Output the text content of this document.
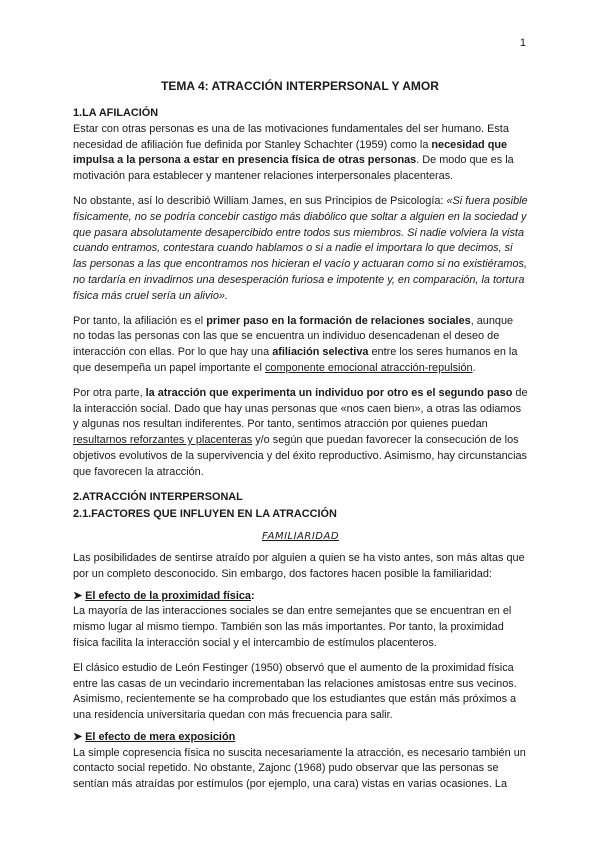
1
TEMA 4: ATRACCIÓN INTERPERSONAL Y AMOR

1.LA AFILACIÓN

Estar con otras personas es una de las motivaciones fundamentales del ser humano. Esta necesidad de afiliación fue definida por Stanley Schachter (1959) como la necesidad que impulsa a la persona a estar en presencia física de otras personas. De modo que es la motivación para establecer y mantener relaciones interpersonales placenteras.

No obstante, así lo describió William James, en sus Principios de Psicología: «Si fuera posible físicamente, no se podría concebir castigo más diabólico que soltar a alguien en la sociedad y que pasara absolutamente desapercibido entre todos sus miembros. Si nadie volviera la vista cuando entramos, contestara cuando hablamos o si a nadie el importara lo que decimos, si las personas a las que encontramos nos hicieran el vacío y actuaran como si no existiéramos, no tardaría en invadirnos una desesperación furiosa e impotente y, en comparación, la tortura física más cruel sería un alivio».

Por tanto, la afiliación es el primer paso en la formación de relaciones sociales, aunque no todas las personas con las que se encuentra un individuo desencadenan el deseo de interacción con ellas. Por lo que hay una afiliación selectiva entre los seres humanos en la que desempeña un papel importante el componente emocional atracción-repulsión.

Por otra parte, la atracción que experimenta un individuo por otro es el segundo paso de la interacción social. Dado que hay unas personas que «nos caen bien», a otras las odiamos y algunas nos resultan indiferentes. Por tanto, sentimos atracción por quienes puedan resultarnos reforzantes y placenteras y/o según que puedan favorecer la consecución de los objetivos evolutivos de la supervivencia y del éxito reproductivo. Asimismo, hay circunstancias que favorecen la atracción.

2.ATRACCIÓN INTERPERSONAL

2.1.FACTORES QUE INFLUYEN EN LA ATRACCIÓN

FAMILIARIDAD

Las posibilidades de sentirse atraído por alguien a quien se ha visto antes, son más altas que por un completo desconocido. Sin embargo, dos factores hacen posible la familiaridad:

➤ El efecto de la proximidad física:

La mayoría de las interacciones sociales se dan entre semejantes que se encuentran en el mismo lugar al mismo tiempo. También son las más importantes. Por tanto, la proximidad física facilita la interacción social y el intercambio de estímulos placenteros.

El clásico estudio de León Festinger (1950) observó que el aumento de la proximidad física entre las casas de un vecindario incrementaban las relaciones amistosas entre sus vecinos. Asimismo, recientemente se ha comprobado que los estudiantes que están más próximos a una residencia universitaria quedan con más frecuencia para salir.

➤ El efecto de mera exposición

La simple copresencia física no suscita necesariamente la atracción, es necesario también un contacto social repetido. No obstante, Zajonc (1968) pudo observar que las personas se sentían más atraídas por estímulos (por ejemplo, una cara) vistas en varias ocasiones. La
